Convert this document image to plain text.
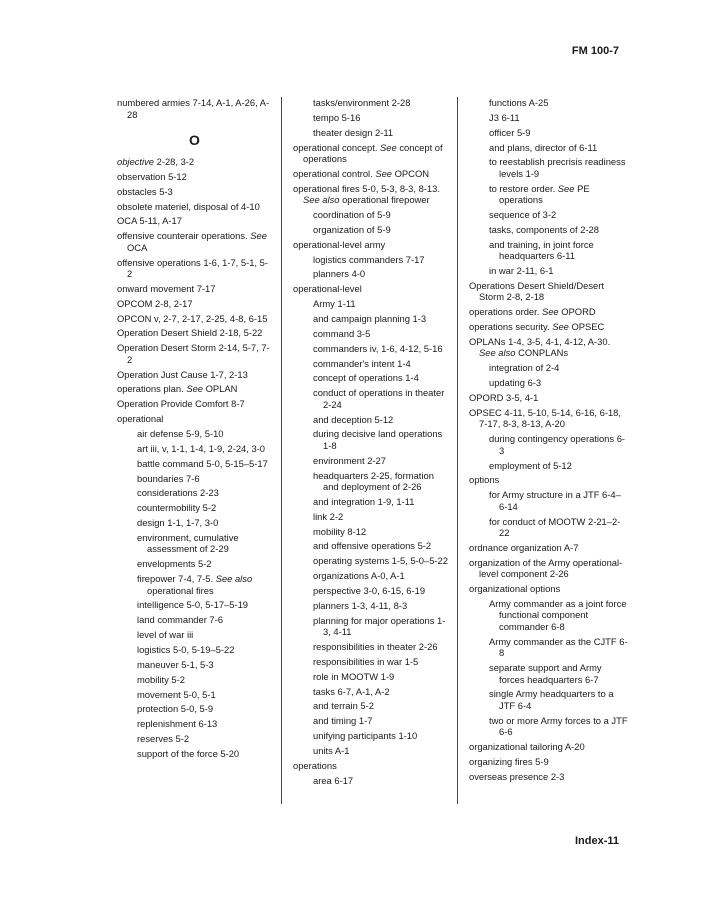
FM 100-7
numbered armies 7-14, A-1, A-26, A-28
O
objective 2-28, 3-2
observation 5-12
obstacles 5-3
obsolete materiel, disposal of 4-10
OCA 5-11, A-17
offensive counterair operations. See OCA
offensive operations 1-6, 1-7, 5-1, 5-2
onward movement 7-17
OPCOM 2-8, 2-17
OPCON v, 2-7, 2-17, 2-25, 4-8, 6-15
Operation Desert Shield 2-18, 5-22
Operation Desert Storm 2-14, 5-7, 7-2
Operation Just Cause 1-7, 2-13
operations plan. See OPLAN
Operation Provide Comfort 8-7
operational
air defense 5-9, 5-10
art iii, v, 1-1, 1-4, 1-9, 2-24, 3-0
battle command 5-0, 5-15–5-17
boundaries 7-6
considerations 2-23
countermobility 5-2
design 1-1, 1-7, 3-0
environment, cumulative assessment of 2-29
envelopments 5-2
firepower 7-4, 7-5. See also operational fires
intelligence 5-0, 5-17–5-19
land commander 7-6
level of war iii
logistics 5-0, 5-19–5-22
maneuver 5-1, 5-3
mobility 5-2
movement 5-0, 5-1
protection 5-0, 5-9
replenishment 6-13
reserves 5-2
support of the force 5-20
tasks/environment 2-28
tempo 5-16
theater design 2-11
operational concept. See concept of operations
operational control. See OPCON
operational fires 5-0, 5-3, 8-3, 8-13. See also operational firepower
coordination of 5-9
organization of 5-9
operational-level army
logistics commanders 7-17
planners 4-0
operational-level
Army 1-11
and campaign planning 1-3
command 3-5
commanders iv, 1-6, 4-12, 5-16
commander's intent 1-4
concept of operations 1-4
conduct of operations in theater 2-24
and deception 5-12
during decisive land operations 1-8
environment 2-27
headquarters 2-25, formation and deployment of 2-26
and integration 1-9, 1-11
link 2-2
mobility 8-12
and offensive operations 5-2
operating systems 1-5, 5-0–5-22
organizations A-0, A-1
perspective 3-0, 6-15, 6-19
planners 1-3, 4-11, 8-3
planning for major operations 1-3, 4-11
responsibilities in theater 2-26
responsibilities in war 1-5
role in MOOTW 1-9
tasks 6-7, A-1, A-2
and terrain 5-2
and timing 1-7
unifying participants 1-10
units A-1
operations
area 6-17
functions A-25
J3 6-11
officer 5-9
and plans, director of 6-11
to reestablish precrisis readiness levels 1-9
to restore order. See PE operations
sequence of 3-2
tasks, components of 2-28
and training, in joint force headquarters 6-11
in war 2-11, 6-1
Operations Desert Shield/Desert Storm 2-8, 2-18
operations order. See OPORD
operations security. See OPSEC
OPLANs 1-4, 3-5, 4-1, 4-12, A-30. See also CONPLANs
integration of 2-4
updating 6-3
OPORD 3-5, 4-1
OPSEC 4-11, 5-10, 5-14, 6-16, 6-18, 7-17, 8-3, 8-13, A-20
during contingency operations 6-3
employment of 5-12
options
for Army structure in a JTF 6-4–6-14
for conduct of MOOTW 2-21–2-22
ordnance organization A-7
organization of the Army operational-level component 2-26
organizational options
Army commander as a joint force functional component commander 6-8
Army commander as the CJTF 6-8
separate support and Army forces headquarters 6-7
single Army headquarters to a JTF 6-4
two or more Army forces to a JTF 6-6
organizational tailoring A-20
organizing fires 5-9
overseas presence 2-3
Index-11
